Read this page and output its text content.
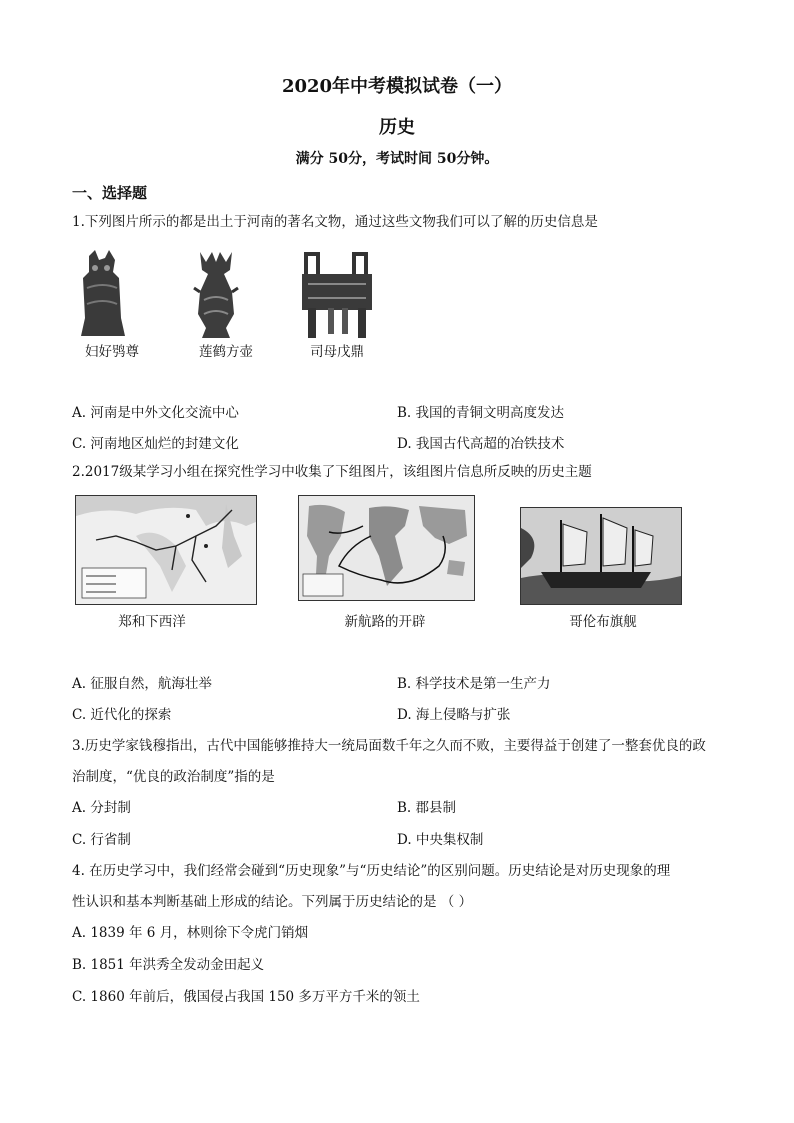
2020年中考模拟试卷（一）
历史
满分 50分，考试时间 50分钟。
一、选择题
1.下列图片所示的都是出土于河南的著名文物，通过这些文物我们可以了解的历史信息是
妇好鸮尊	莲鹤方壶	司母戊鼎
A. 河南是中外文化交流中心	B. 我国的青铜文明高度发达
C. 河南地区灿烂的封建文化	D. 我国古代高超的冶铁技术
2.2017级某学习小组在探究性学习中收集了下组图片，该组图片信息所反映的历史主题
郑和下西洋	新航路的开辟	哥伦布旗舰
A. 征服自然，航海壮举	B. 科学技术是第一生产力
C. 近代化的探索	D. 海上侵略与扩张
3.历史学家钱穆指出，古代中国能够推持大一统局面数千年之久而不败，主要得益于创建了一整套优良的政
治制度，“优良的政治制度”指的是
A. 分封制	B. 郡县制
C. 行省制	D. 中央集权制
4. 在历史学习中，我们经常会碰到“历史现象”与“历史结论”的区别问题。历史结论是对历史现象的理
性认识和基本判断基础上形成的结论。下列属于历史结论的是 （ ）
A. 1839 年 6 月，林则徐下令虎门销烟
B. 1851 年洪秀全发动金田起义
C. 1860 年前后，俄国侵占我国 150 多万平方千米的领土
